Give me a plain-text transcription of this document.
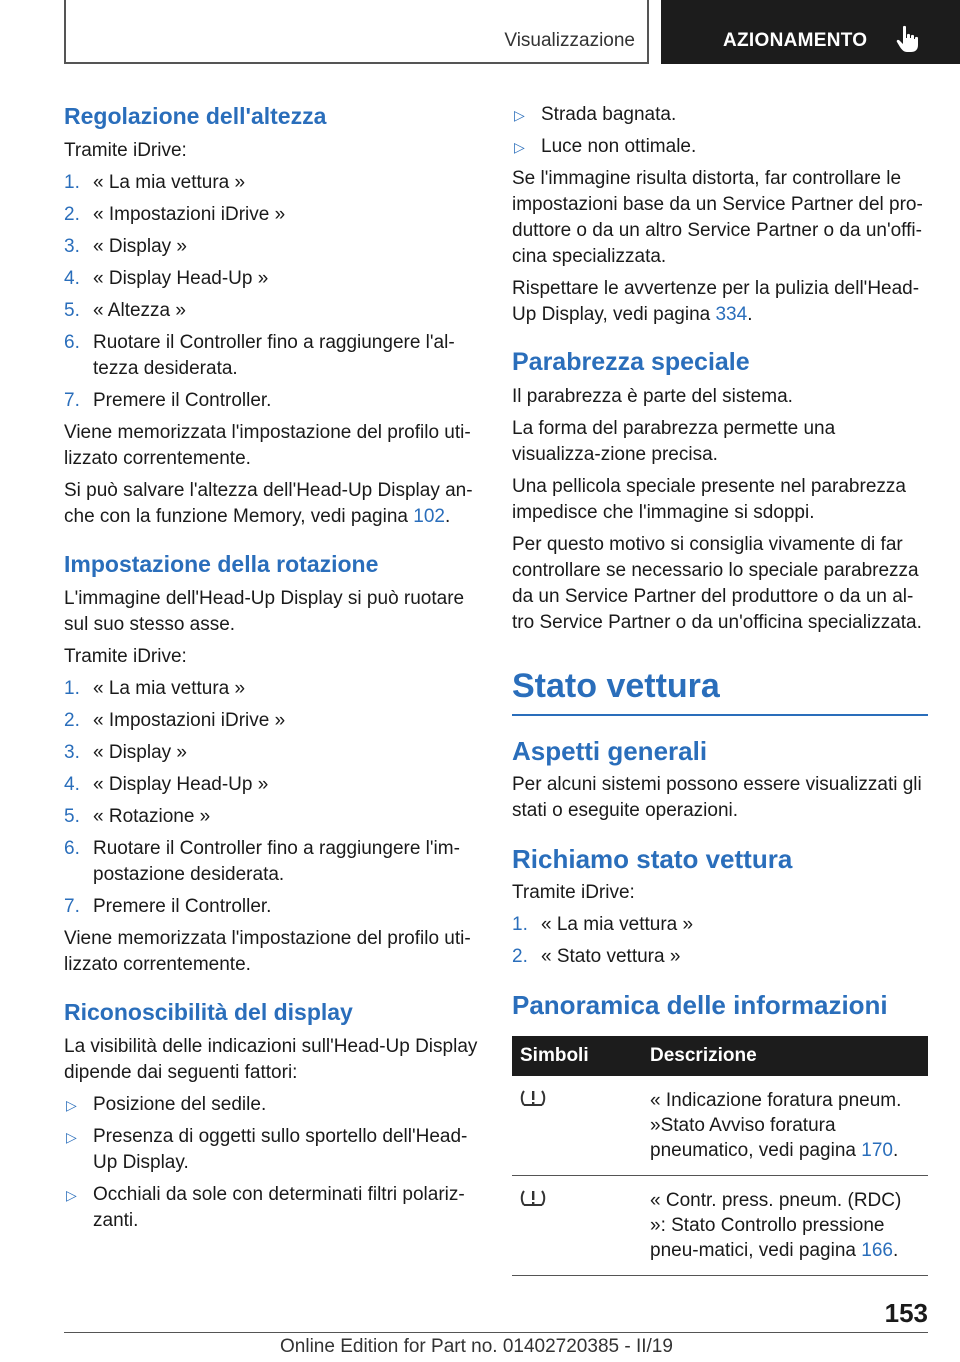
Visualizzazione	AZIONAMENTO
Regolazione dell'altezza
Tramite iDrive:
1. « La mia vettura »
2. « Impostazioni iDrive »
3. « Display »
4. « Display Head-Up »
5. « Altezza »
6. Ruotare il Controller fino a raggiungere l'al-tezza desiderata.
7. Premere il Controller.
Viene memorizzata l'impostazione del profilo uti-lizzato correntemente.
Si può salvare l'altezza dell'Head-Up Display an-che con la funzione Memory, vedi pagina 102.
Impostazione della rotazione
L'immagine dell'Head-Up Display si può ruotare sul suo stesso asse.
Tramite iDrive:
1. « La mia vettura »
2. « Impostazioni iDrive »
3. « Display »
4. « Display Head-Up »
5. « Rotazione »
6. Ruotare il Controller fino a raggiungere l'im-postazione desiderata.
7. Premere il Controller.
Viene memorizzata l'impostazione del profilo uti-lizzato correntemente.
Riconoscibilità del display
La visibilità delle indicazioni sull'Head-Up Display dipende dai seguenti fattori:
▷ Posizione del sedile.
▷ Presenza di oggetti sullo sportello dell'Head-Up Display.
▷ Occhiali da sole con determinati filtri polariz-zanti.
▷ Strada bagnata.
▷ Luce non ottimale.
Se l'immagine risulta distorta, far controllare le impostazioni base da un Service Partner del pro-duttore o da un altro Service Partner o da un'offi-cina specializzata.
Rispettare le avvertenze per la pulizia dell'Head-Up Display, vedi pagina 334.
Parabrezza speciale
Il parabrezza è parte del sistema.
La forma del parabrezza permette una visualizza-zione precisa.
Una pellicola speciale presente nel parabrezza impedisce che l'immagine si sdoppi.
Per questo motivo si consiglia vivamente di far controllare se necessario lo speciale parabrezza da un Service Partner del produttore o da un al-tro Service Partner o da un'officina specializzata.
Stato vettura
Aspetti generali
Per alcuni sistemi possono essere visualizzati gli stati o eseguite operazioni.
Richiamo stato vettura
Tramite iDrive:
1. « La mia vettura »
2. « Stato vettura »
Panoramica delle informazioni
Simboli	Descrizione
	« Indicazione foratura pneum. »Stato Avviso foratura pneumatico, vedi pagina 170.
	« Contr. press. pneum. (RDC) »: Stato Controllo pressione pneu-matici, vedi pagina 166.
153
Online Edition for Part no. 01402720385 - II/19
